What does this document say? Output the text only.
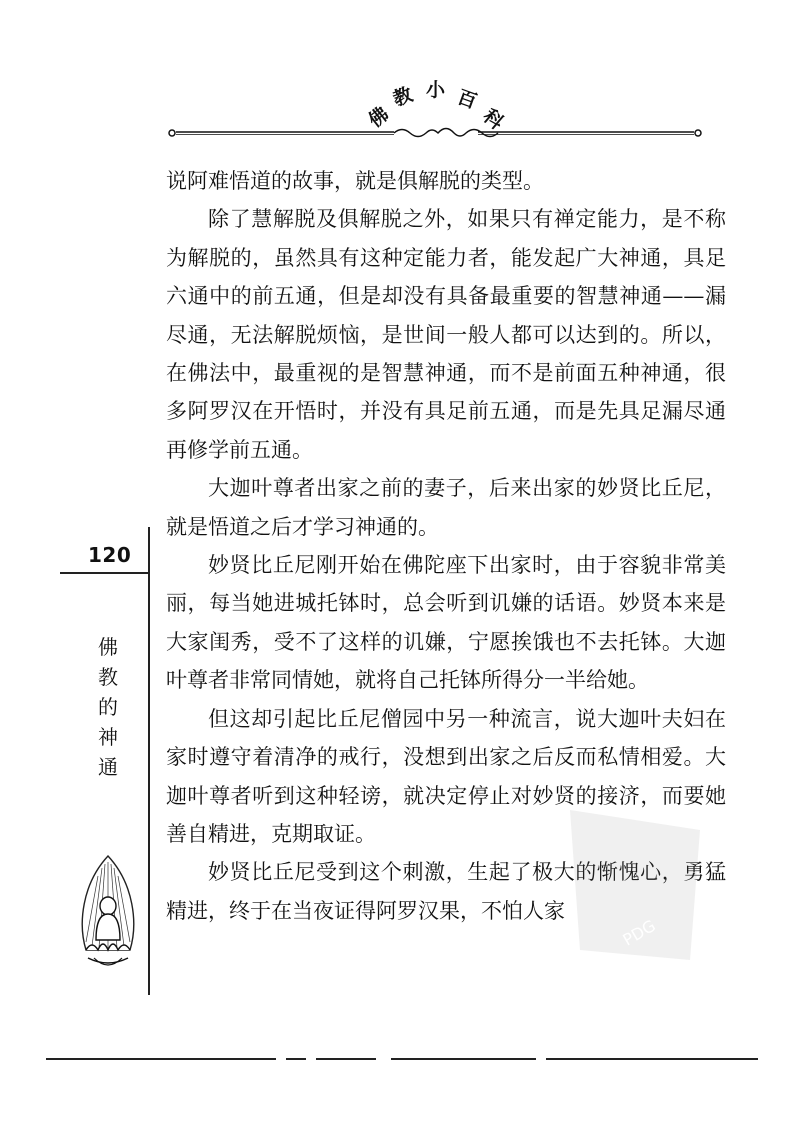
佛
教 小 百
科
120
佛
教
的
神
通

说阿难悟道的故事，就是俱解脱的类型。

除了慧解脱及俱解脱之外，如果只有禅定能力，是不称为解脱的，虽然具有这种定能力者，能发起广大神通，具足六通中的前五通，但是却没有具备最重要的智慧神通——漏尽通，无法解脱烦恼，是世间一般人都可以达到的。所以，在佛法中，最重视的是智慧神通，而不是前面五种神通，很多阿罗汉在开悟时，并没有具足前五通，而是先具足漏尽通再修学前五通。

大迦叶尊者出家之前的妻子，后来出家的妙贤比丘尼，就是悟道之后才学习神通的。

妙贤比丘尼刚开始在佛陀座下出家时，由于容貌非常美丽，每当她进城托钵时，总会听到讥嫌的话语。妙贤本来是大家闺秀，受不了这样的讥嫌，宁愿挨饿也不去托钵。大迦叶尊者非常同情她，就将自己托钵所得分一半给她。

但这却引起比丘尼僧园中另一种流言，说大迦叶夫妇在家时遵守着清净的戒行，没想到出家之后反而私情相爱。大迦叶尊者听到这种轻谤，就决定停止对妙贤的接济，而要她善自精进，克期取证。

妙贤比丘尼受到这个刺激，生起了极大的惭愧心，勇猛精进，终于在当夜证得阿罗汉果，不怕人家

PDG
